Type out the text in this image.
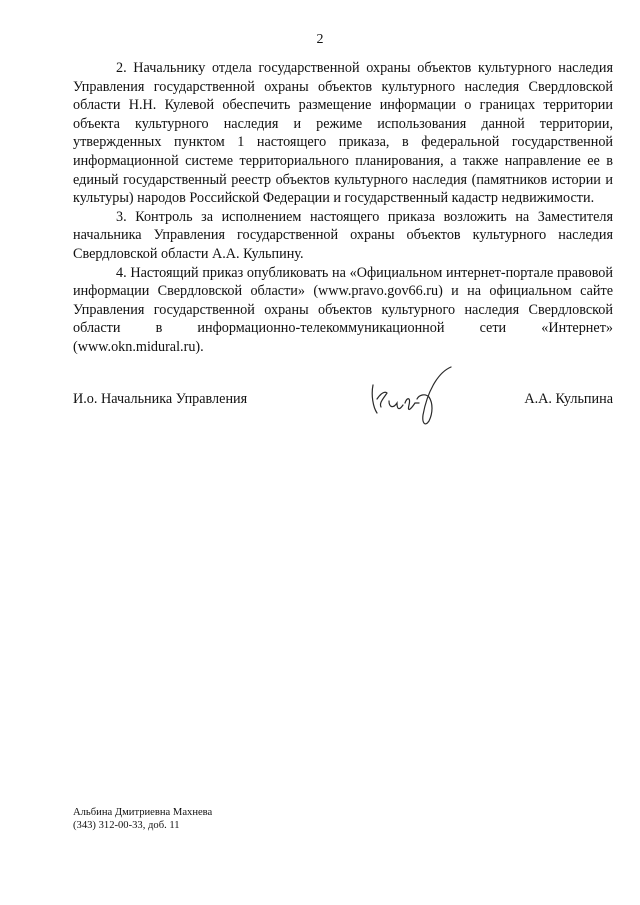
2

2. Начальнику отдела государственной охраны объектов культурного наследия Управления государственной охраны объектов культурного наследия Свердловской области Н.Н. Кулевой обеспечить размещение информации о границах территории объекта культурного наследия и режиме использования данной территории, утвержденных пунктом 1 настоящего приказа, в федеральной государственной информационной системе территориального планирования, а также направление ее в единый государственный реестр объектов культурного наследия (памятников истории и культуры) народов Российской Федерации и государственный кадастр недвижимости.

3. Контроль за исполнением настоящего приказа возложить на Заместителя начальника Управления государственной охраны объектов культурного наследия Свердловской области А.А. Кульпину.

4. Настоящий приказ опубликовать на «Официальном интернет-портале правовой информации Свердловской области» (www.pravo.gov66.ru) и на официальном сайте Управления государственной охраны объектов культурного наследия Свердловской области в информационно-телекоммуникационной сети «Интернет» (www.okn.midural.ru).

И.о. Начальника Управления	А.А. Кульпина
Альбина Дмитриевна Махнева
(343) 312-00-33, доб. 11
